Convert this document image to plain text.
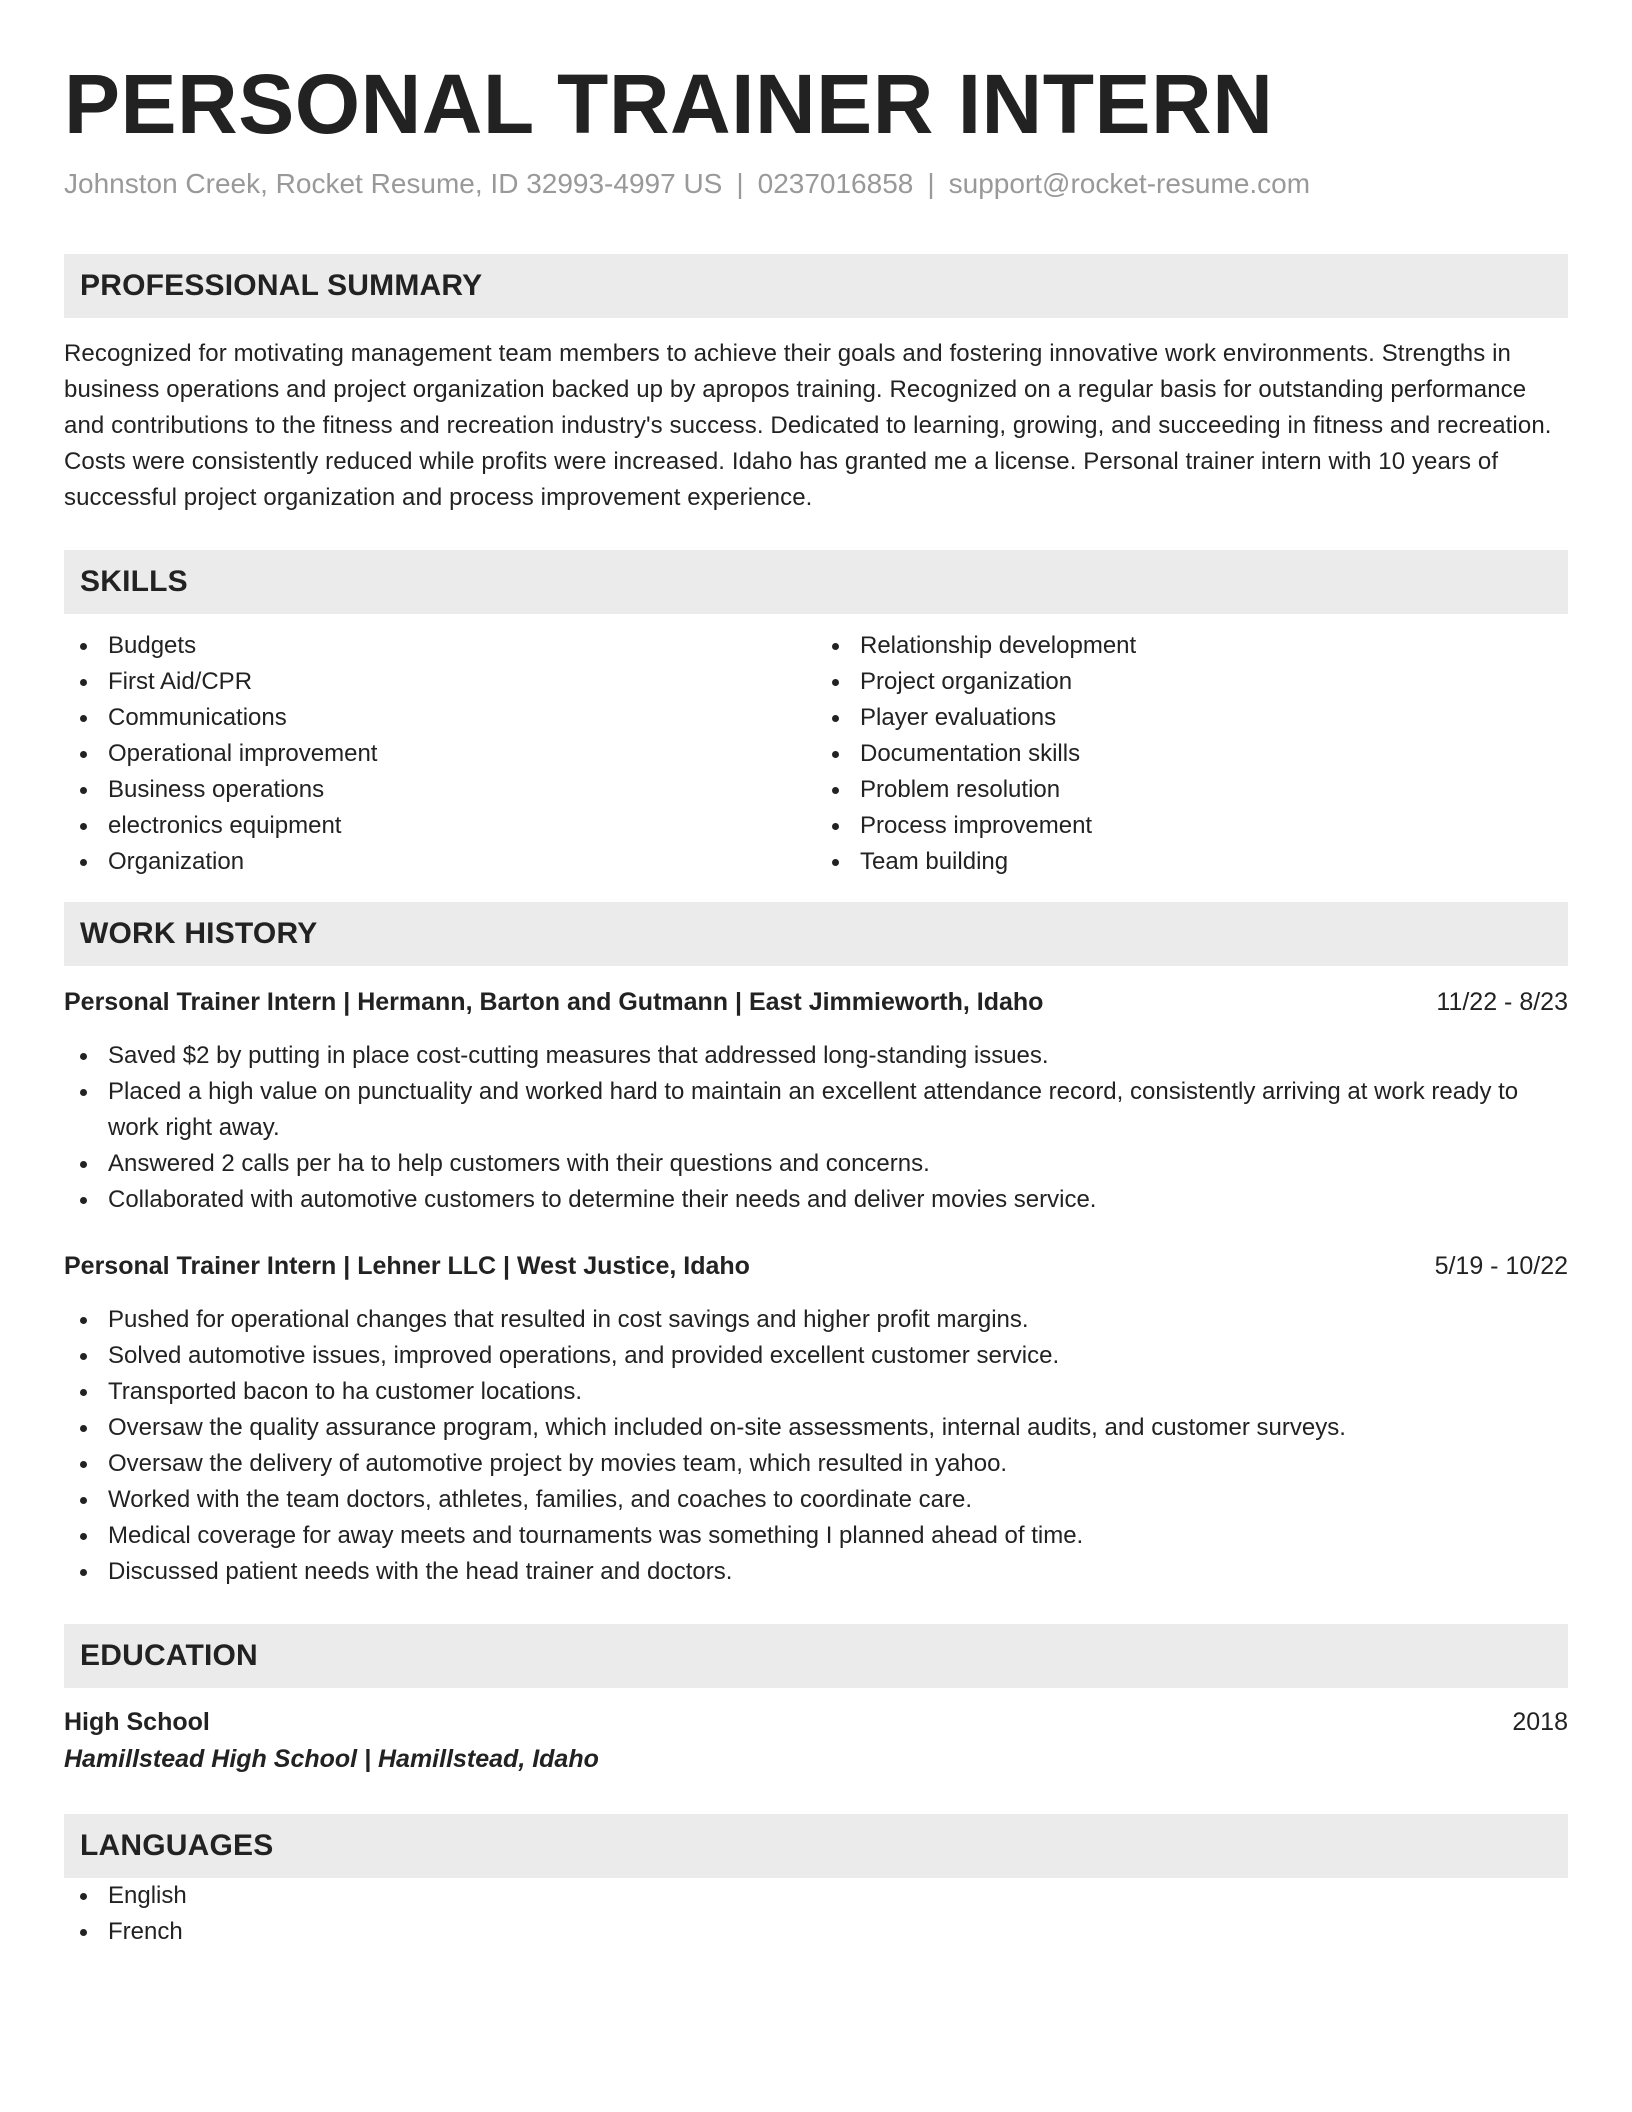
PERSONAL TRAINER INTERN
Johnston Creek, Rocket Resume, ID 32993-4997 US | 0237016858 | support@rocket-resume.com
PROFESSIONAL SUMMARY
Recognized for motivating management team members to achieve their goals and fostering innovative work environments. Strengths in business operations and project organization backed up by apropos training. Recognized on a regular basis for outstanding performance and contributions to the fitness and recreation industry's success. Dedicated to learning, growing, and succeeding in fitness and recreation. Costs were consistently reduced while profits were increased. Idaho has granted me a license. Personal trainer intern with 10 years of successful project organization and process improvement experience.
SKILLS
Budgets
First Aid/CPR
Communications
Operational improvement
Business operations
electronics equipment
Organization
Relationship development
Project organization
Player evaluations
Documentation skills
Problem resolution
Process improvement
Team building
WORK HISTORY
Personal Trainer Intern | Hermann, Barton and Gutmann | East Jimmieworth, Idaho	11/22 - 8/23
Saved $2 by putting in place cost-cutting measures that addressed long-standing issues.
Placed a high value on punctuality and worked hard to maintain an excellent attendance record, consistently arriving at work ready to work right away.
Answered 2 calls per ha to help customers with their questions and concerns.
Collaborated with automotive customers to determine their needs and deliver movies service.
Personal Trainer Intern | Lehner LLC | West Justice, Idaho	5/19 - 10/22
Pushed for operational changes that resulted in cost savings and higher profit margins.
Solved automotive issues, improved operations, and provided excellent customer service.
Transported bacon to ha customer locations.
Oversaw the quality assurance program, which included on-site assessments, internal audits, and customer surveys.
Oversaw the delivery of automotive project by movies team, which resulted in yahoo.
Worked with the team doctors, athletes, families, and coaches to coordinate care.
Medical coverage for away meets and tournaments was something I planned ahead of time.
Discussed patient needs with the head trainer and doctors.
EDUCATION
High School	2018
Hamillstead High School | Hamillstead, Idaho
LANGUAGES
English
French
